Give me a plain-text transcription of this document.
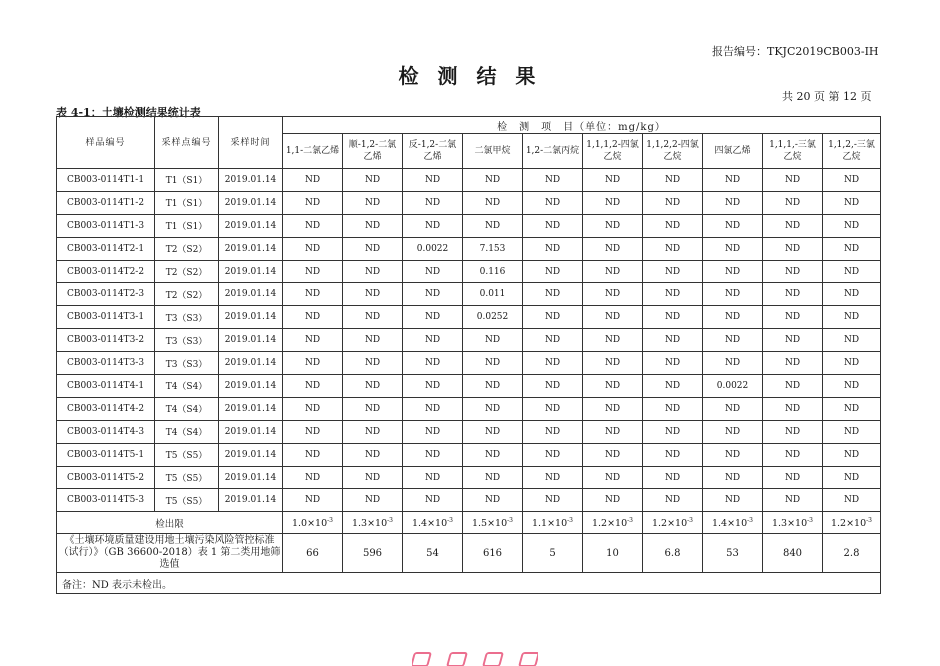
报告编号：TKJC2019CB003-IH
检 测 结 果
共 20 页 第 12 页
表 4-1：土壤检测结果统计表
样品编号	采样点编号	采样时间	检　测　项　目（单位：mg/kg）									
			1,1-二氯乙烯	顺-1,2-二氯乙烯	反-1,2-二氯乙烯	二氯甲烷	1,2-二氯丙烷	1,1,1,2-四氯乙烷	1,1,2,2-四氯乙烷	四氯乙烯	1,1,1,-三氯乙烷	1,1,2,-三氯乙烷
CB003-0114T1-1	T1（S1）	2019.01.14	ND	ND	ND	ND	ND	ND	ND	ND	ND	ND
CB003-0114T1-2	T1（S1）	2019.01.14	ND	ND	ND	ND	ND	ND	ND	ND	ND	ND
CB003-0114T1-3	T1（S1）	2019.01.14	ND	ND	ND	ND	ND	ND	ND	ND	ND	ND
CB003-0114T2-1	T2（S2）	2019.01.14	ND	ND	0.0022	7.153	ND	ND	ND	ND	ND	ND
CB003-0114T2-2	T2（S2）	2019.01.14	ND	ND	ND	0.116	ND	ND	ND	ND	ND	ND
CB003-0114T2-3	T2（S2）	2019.01.14	ND	ND	ND	0.011	ND	ND	ND	ND	ND	ND
CB003-0114T3-1	T3（S3）	2019.01.14	ND	ND	ND	0.0252	ND	ND	ND	ND	ND	ND
CB003-0114T3-2	T3（S3）	2019.01.14	ND	ND	ND	ND	ND	ND	ND	ND	ND	ND
CB003-0114T3-3	T3（S3）	2019.01.14	ND	ND	ND	ND	ND	ND	ND	ND	ND	ND
CB003-0114T4-1	T4（S4）	2019.01.14	ND	ND	ND	ND	ND	ND	ND	0.0022	ND	ND
CB003-0114T4-2	T4（S4）	2019.01.14	ND	ND	ND	ND	ND	ND	ND	ND	ND	ND
CB003-0114T4-3	T4（S4）	2019.01.14	ND	ND	ND	ND	ND	ND	ND	ND	ND	ND
CB003-0114T5-1	T5（S5）	2019.01.14	ND	ND	ND	ND	ND	ND	ND	ND	ND	ND
CB003-0114T5-2	T5（S5）	2019.01.14	ND	ND	ND	ND	ND	ND	ND	ND	ND	ND
CB003-0114T5-3	T5（S5）	2019.01.14	ND	ND	ND	ND	ND	ND	ND	ND	ND	ND
检出限			$1.0\times 10^{-3}$	$1.3\times 10^{-3}$	$1.4\times 10^{-3}$	$1.5\times 10^{-3}$	$1.1\times 10^{-3}$	$1.2\times 10^{-3}$	$1.2\times 10^{-3}$	$1.4\times 10^{-3}$	$1.3\times 10^{-3}$	$1.2\times 10^{-3}$
《土壤环境质量建设用地土壤污染风险管控标准（试行）》（GB 36600-2018）表 1 第二类用地筛选值			66	596	54	616	5	10	6.8	53	840	2.8
备注：ND 表示未检出。												
